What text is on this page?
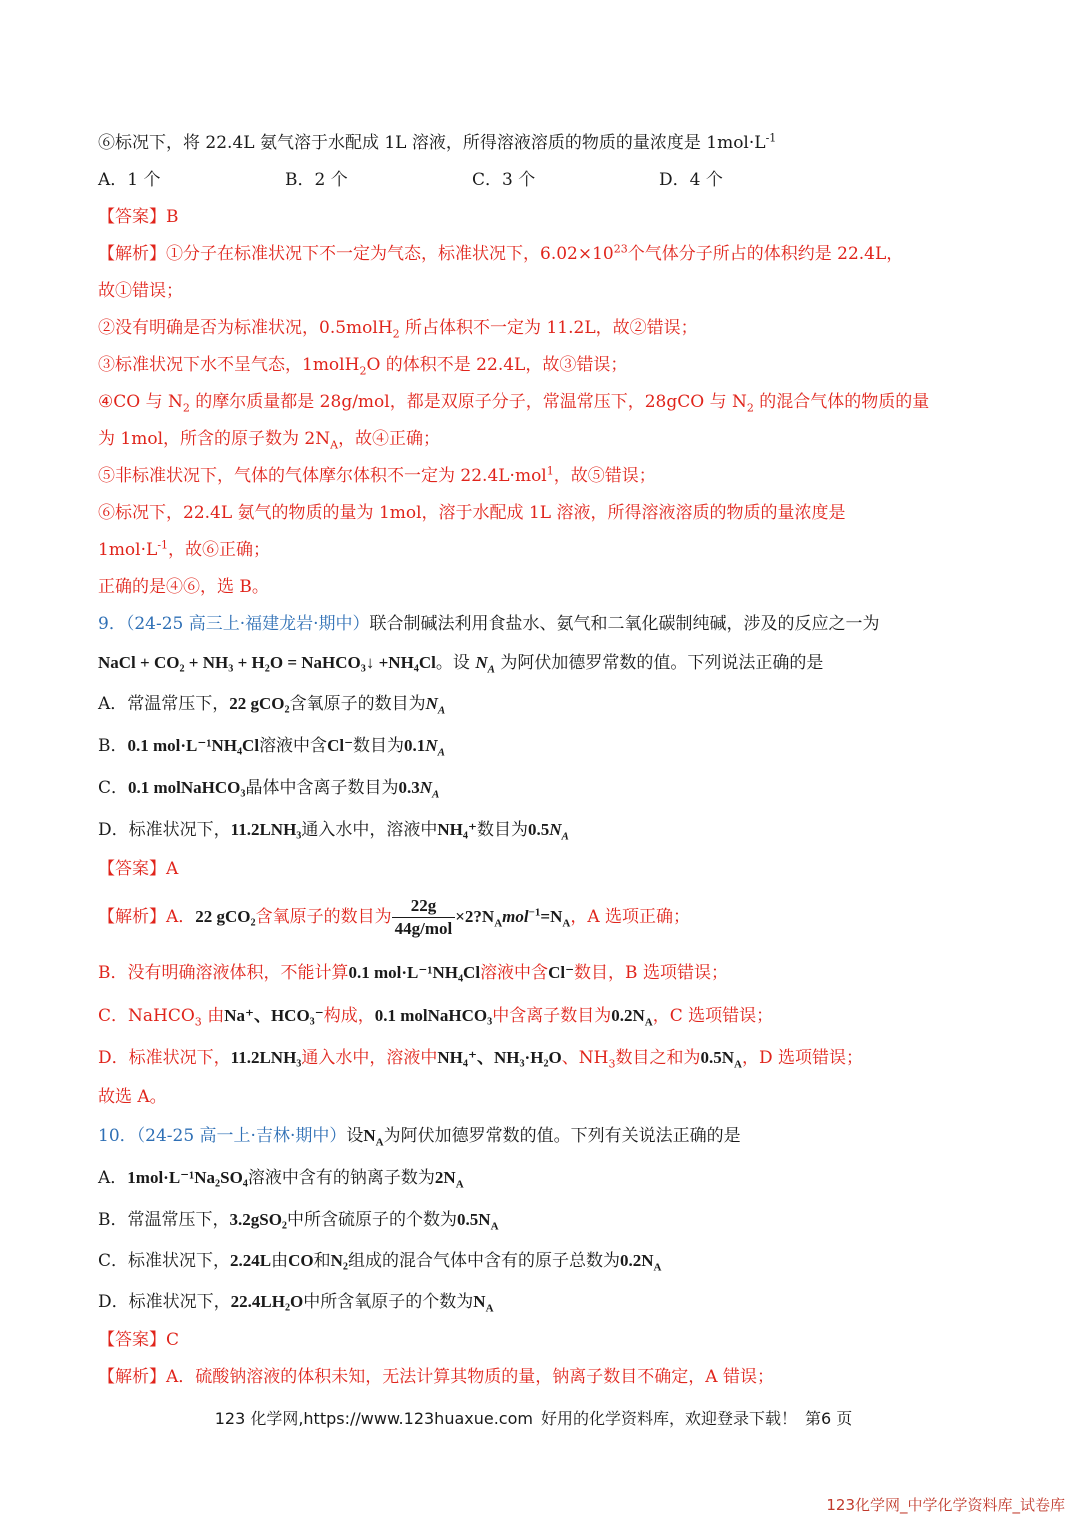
⑥标况下，将 22.4L 氨气溶于水配成 1L 溶液，所得溶液溶质的物质的量浓度是 $1mol\cdot L^{-1}$
A．1 个	B．2 个	C．3 个	D．4 个
【答案】B
【解析】①分子在标准状况下不一定为气态，标准状况下，$6.02\times 10^{23}$个气体分子所占的体积约是 22.4L，
故①错误；
②没有明确是否为标准状况，0.5molH$_2$ 所占体积不一定为 11.2L，故②错误；
③标准状况下水不呈气态，1molH$_2$O 的体积不是 22.4L，故③错误；
④CO 与 $N_2$ 的摩尔质量都是 28g/mol，都是双原子分子，常温常压下，28gCO 与 $N_2$ 的混合气体的物质的量
为 1mol，所含的原子数为 $2N_A$，故④正确；
⑤非标准状况下，气体的气体摩尔体积不一定为 22.4L·mol$^1$，故⑤错误；
⑥标况下，22.4L 氨气的物质的量为 1mol，溶于水配成 1L 溶液，所得溶液溶质的物质的量浓度是
$1mol\cdot L^{-1}$，故⑥正确；
正确的是④⑥，选 B。
9．（24-25 高三上·福建龙岩·期中）联合制碱法利用食盐水、氨气和二氧化碳制纯碱，涉及的反应之一为
NaCl + CO₂ + NH₃ + H₂O = NaHCO₃↓ +NH₄Cl。设 $N_A$ 为阿伏加德罗常数的值。下列说法正确的是
A．常温常压下，22 gCO₂含氧原子的数目为$N_A$
B．0.1 mol·L⁻¹NH₄Cl溶液中含Cl⁻数目为$0.1N_A$
C．0.1 molNaHCO₃晶体中含离子数目为$0.3N_A$
D．标准状况下，11.2LNH₃通入水中，溶液中NH₄⁺数目为$0.5N_A$
【答案】A
【解析】A．22 gCO₂含氧原子的数目为 $\frac{22g}{\text{44g/mol}}$ $\times 2?N_Amol^{-1}=N_A$，A 选项正确；
B．没有明确溶液体积，不能计算0.1 mol·L⁻¹NH₄Cl溶液中含Cl⁻数目，B 选项错误；
C．NaHCO$_3$ 由Na⁺、HCO₃⁻构成，0.1 molNaHCO₃中含离子数目为$0.2N_A$，C 选项错误；
D．标准状况下，11.2LNH₃通入水中，溶液中NH₄⁺、NH₃·H₂O、$NH_3$数目之和为$0.5N_A$，D 选项错误；
故选 A。
10．（24-25 高一上·吉林·期中）设$N_A$为阿伏加德罗常数的值。下列有关说法正确的是
A．1mol·L⁻¹Na₂SO₄溶液中含有的钠离子数为$2N_A$
B．常温常压下，3.2gSO₂中所含硫原子的个数为$0.5N_A$
C．标准状况下，2.24L由CO和N₂组成的混合气体中含有的原子总数为$0.2N_A$
D．标准状况下，22.4LH₂O中所含氧原子的个数为$N_A$
【答案】C
【解析】A．硫酸钠溶液的体积未知，无法计算其物质的量，钠离子数目不确定，A 错误；
123 化学网,https://www.123huaxue.com 好用的化学资料库，欢迎登录下载！ 第6 页
123化学网_中学化学资料库_试卷库
